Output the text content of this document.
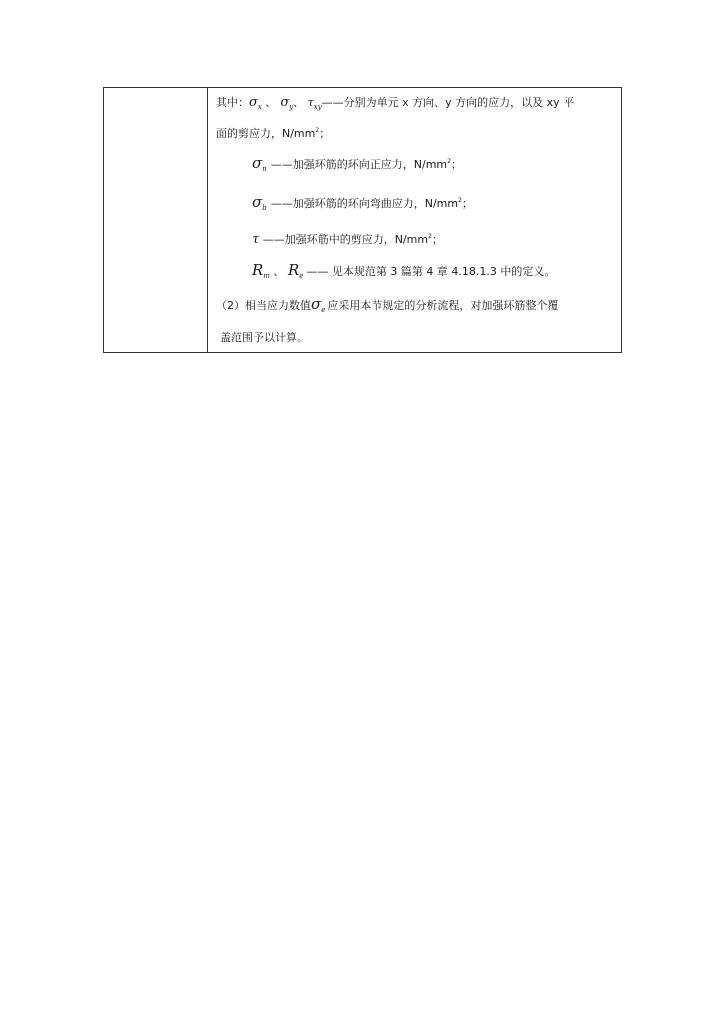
其中：$\sigma_x$ 、 $\sigma_y$、 $\tau_{xy}——$分别为单元 x 方向、y 方向的应力，以及 xy 平
面的剪应力，$N/mm^2$；
$\sigma_n$ ——加强环筋的环向正应力，$N/mm^2$；
$\sigma_b$ ——加强环筋的环向弯曲应力，$N/mm^2$；
τ ——加强环筋中的剪应力，$N/mm^2$；
$R_m$ 、 $R_e$ —— 见本规范第 3 篇第 4 章 4.18.1.3 中的定义。
（2）相当应力数值$\sigma_e$ 应采用本节规定的分析流程，对加强环筋整个覆
盖范围予以计算。
